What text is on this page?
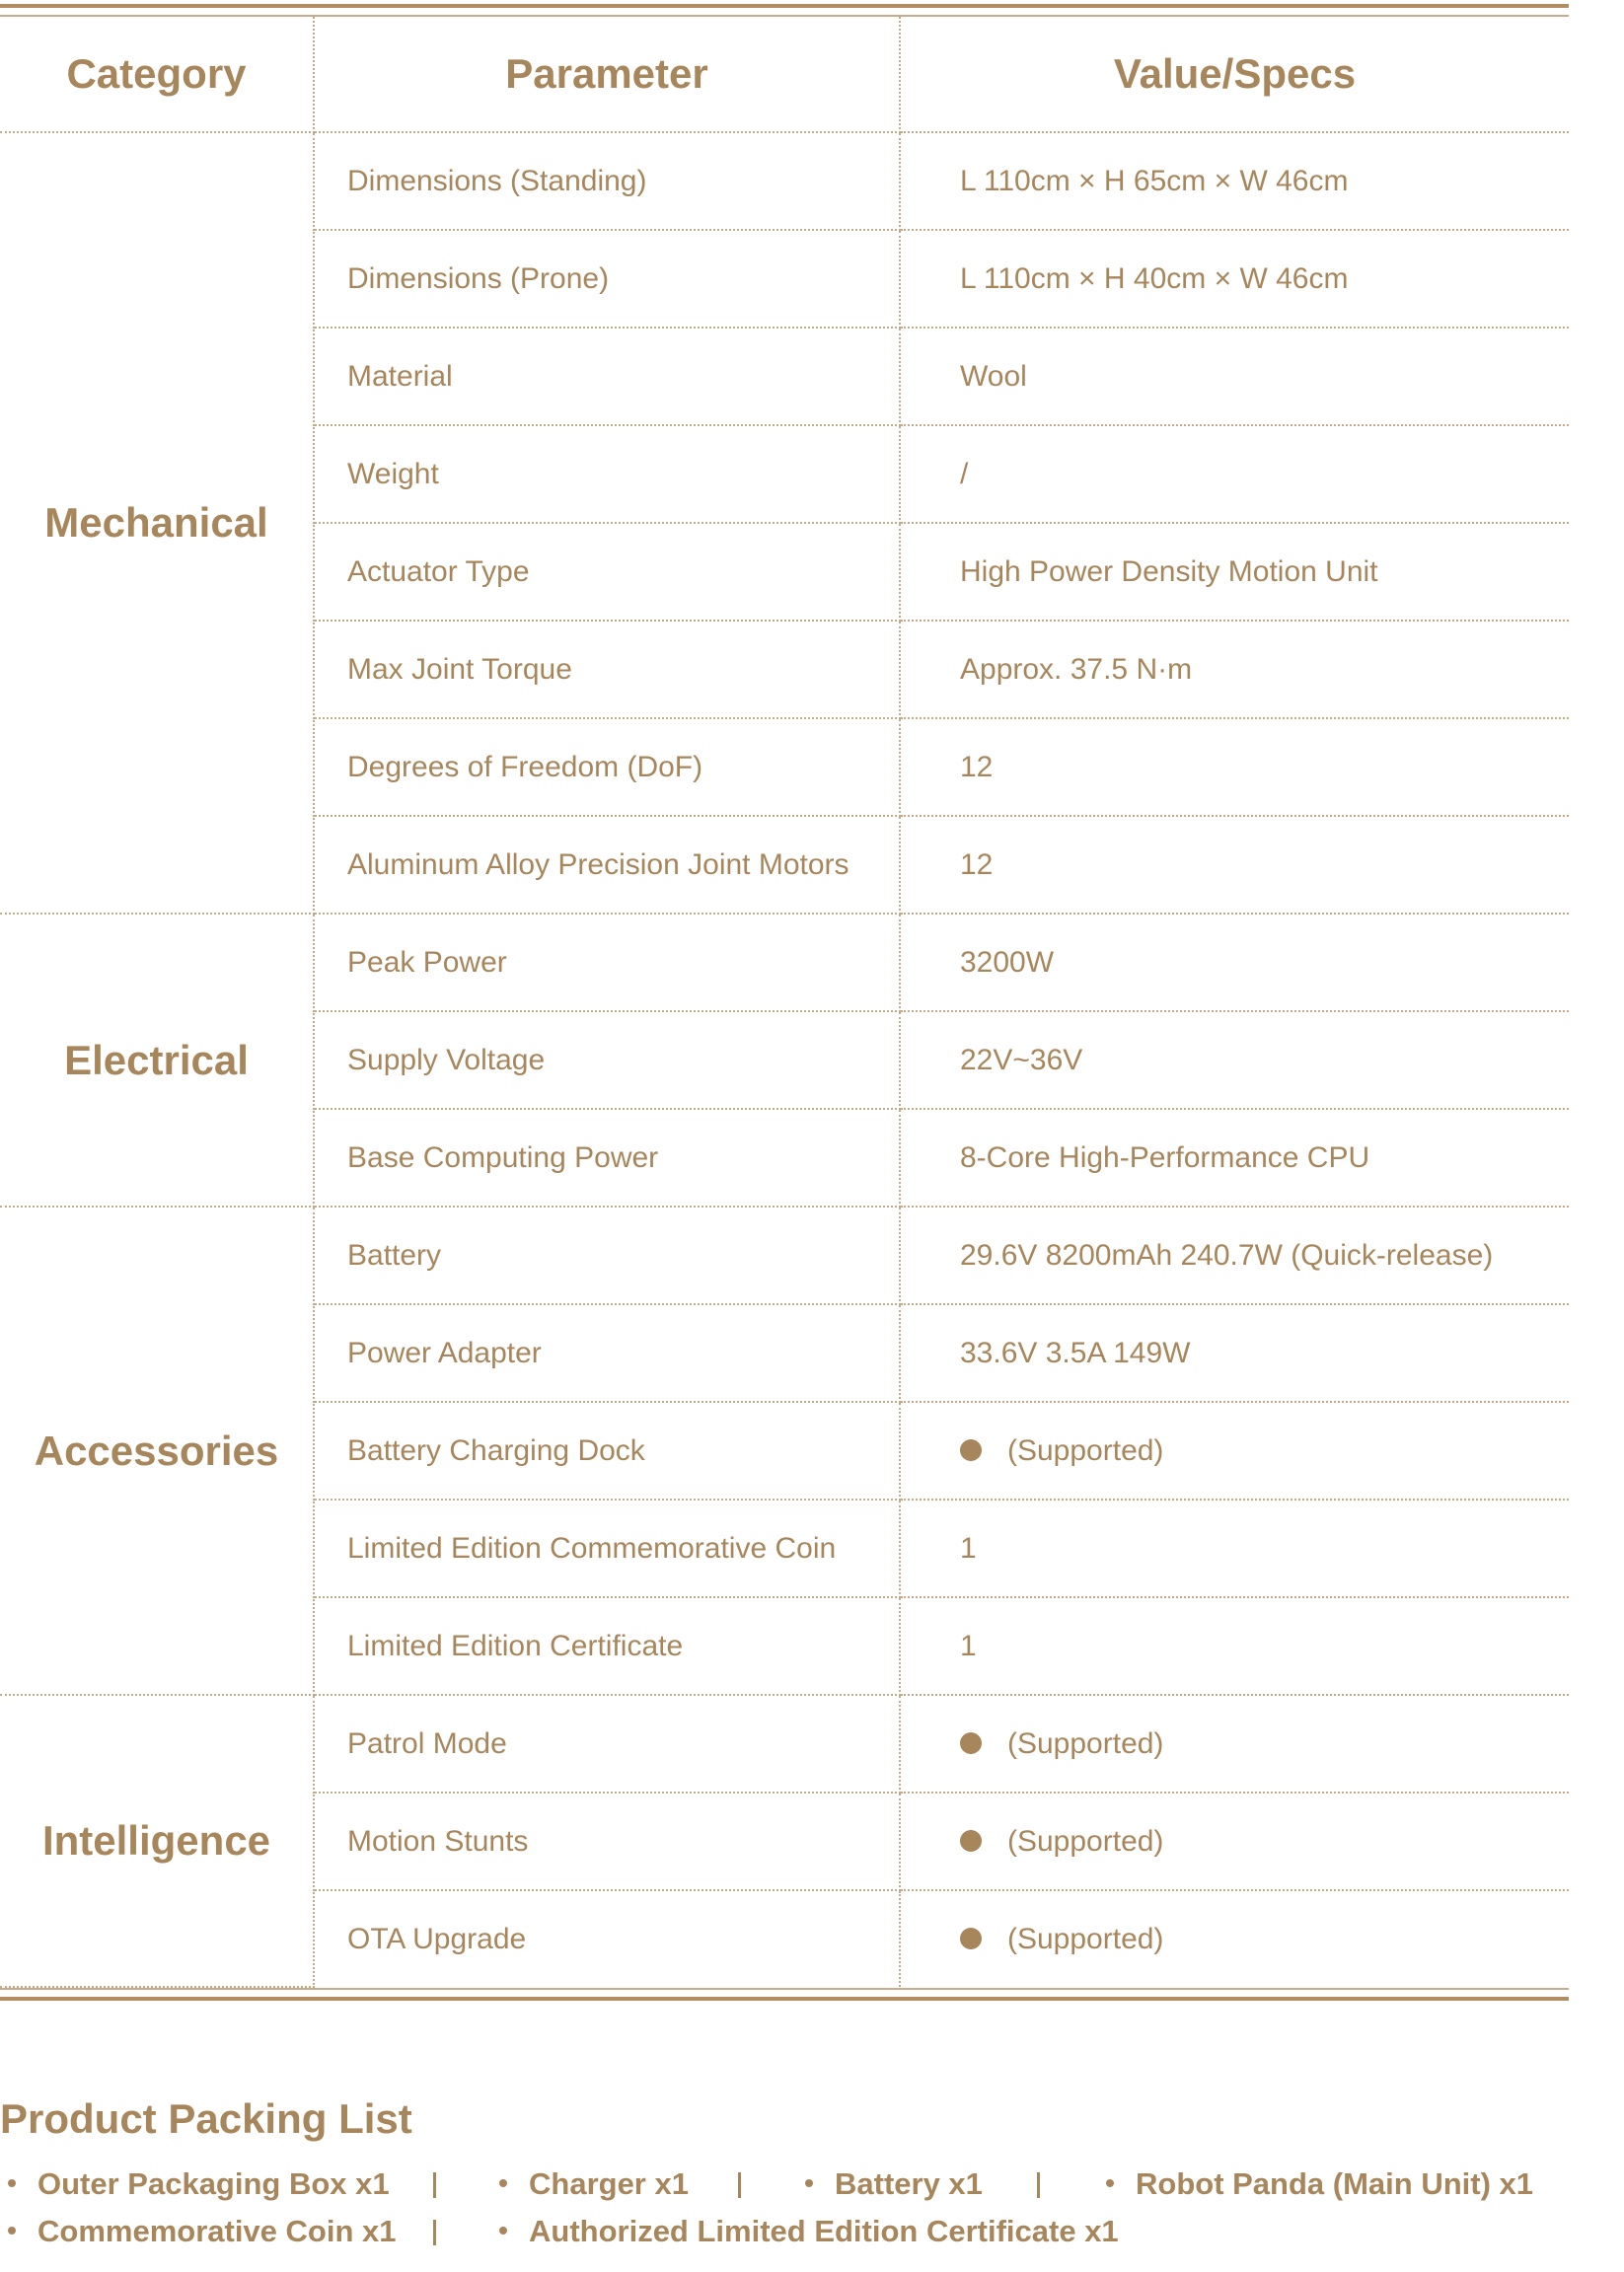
Category	Parameter	Value/Specs
Mechanical	Dimensions (Standing)	L 110cm × H 65cm × W 46cm
	Dimensions (Prone)	L 110cm × H 40cm × W 46cm
	Material	Wool
	Weight	/
	Actuator Type	High Power Density Motion Unit
	Max Joint Torque	Approx. 37.5 N·m
	Degrees of Freedom (DoF)	12
	Aluminum Alloy Precision Joint Motors	12
Electrical	Peak Power	3200W
	Supply Voltage	22V~36V
	Base Computing Power	8-Core High-Performance CPU
Accessories	Battery	29.6V 8200mAh 240.7W (Quick-release)
	Power Adapter	33.6V 3.5A 149W
	Battery Charging Dock	(Supported)
	Limited Edition Commemorative Coin	1
	Limited Edition Certificate	1
Intelligence	Patrol Mode	(Supported)
	Motion Stunts	(Supported)
	OTA Upgrade	(Supported)
Product Packing List
Outer Packaging Box x1	Charger x1	Battery x1	Robot Panda (Main Unit) x1
Commemorative Coin x1	Authorized Limited Edition Certificate x1
